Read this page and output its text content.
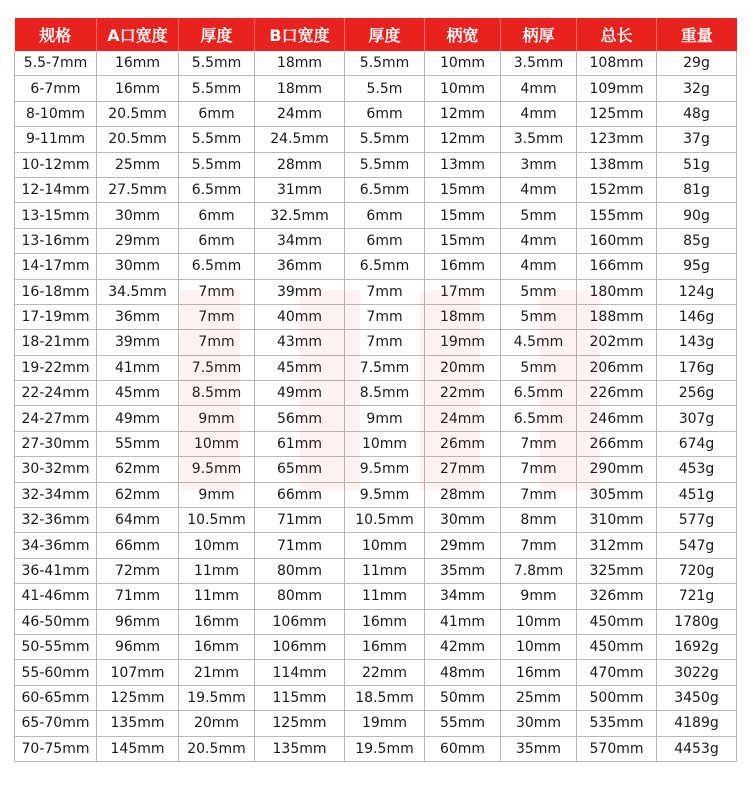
规格	A口宽度	厚度	B口宽度	厚度	柄宽	柄厚	总长	重量
5.5-7mm	16mm	5.5mm	18mm	5.5mm	10mm	3.5mm	108mm	29g
6-7mm	16mm	5.5mm	18mm	5.5m	10mm	4mm	109mm	32g
8-10mm	20.5mm	6mm	24mm	6mm	12mm	4mm	125mm	48g
9-11mm	20.5mm	5.5mm	24.5mm	5.5mm	12mm	3.5mm	123mm	37g
10-12mm	25mm	5.5mm	28mm	5.5mm	13mm	3mm	138mm	51g
12-14mm	27.5mm	6.5mm	31mm	6.5mm	15mm	4mm	152mm	81g
13-15mm	30mm	6mm	32.5mm	6mm	15mm	5mm	155mm	90g
13-16mm	29mm	6mm	34mm	6mm	15mm	4mm	160mm	85g
14-17mm	30mm	6.5mm	36mm	6.5mm	16mm	4mm	166mm	95g
16-18mm	34.5mm	7mm	39mm	7mm	17mm	5mm	180mm	124g
17-19mm	36mm	7mm	40mm	7mm	18mm	5mm	188mm	146g
18-21mm	39mm	7mm	43mm	7mm	19mm	4.5mm	202mm	143g
19-22mm	41mm	7.5mm	45mm	7.5mm	20mm	5mm	206mm	176g
22-24mm	45mm	8.5mm	49mm	8.5mm	22mm	6.5mm	226mm	256g
24-27mm	49mm	9mm	56mm	9mm	24mm	6.5mm	246mm	307g
27-30mm	55mm	10mm	61mm	10mm	26mm	7mm	266mm	674g
30-32mm	62mm	9.5mm	65mm	9.5mm	27mm	7mm	290mm	453g
32-34mm	62mm	9mm	66mm	9.5mm	28mm	7mm	305mm	451g
32-36mm	64mm	10.5mm	71mm	10.5mm	30mm	8mm	310mm	577g
34-36mm	66mm	10mm	71mm	10mm	29mm	7mm	312mm	547g
36-41mm	72mm	11mm	80mm	11mm	35mm	7.8mm	325mm	720g
41-46mm	71mm	11mm	80mm	11mm	34mm	9mm	326mm	721g
46-50mm	96mm	16mm	106mm	16mm	41mm	10mm	450mm	1780g
50-55mm	96mm	16mm	106mm	16mm	42mm	10mm	450mm	1692g
55-60mm	107mm	21mm	114mm	22mm	48mm	16mm	470mm	3022g
60-65mm	125mm	19.5mm	115mm	18.5mm	50mm	25mm	500mm	3450g
65-70mm	135mm	20mm	125mm	19mm	55mm	30mm	535mm	4189g
70-75mm	145mm	20.5mm	135mm	19.5mm	60mm	35mm	570mm	4453g
